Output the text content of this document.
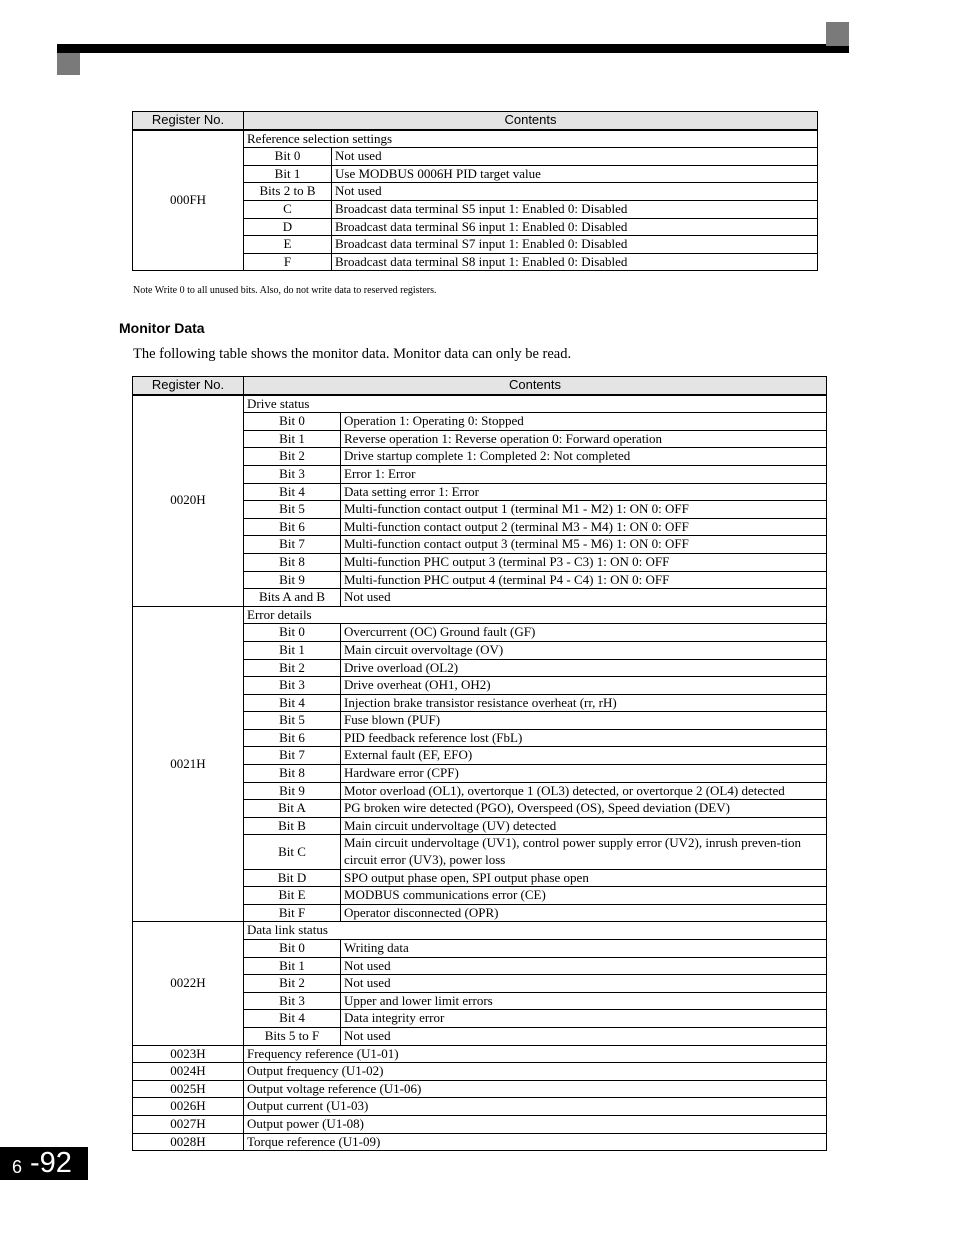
Register No.	Contents	
000FH	Reference selection settings	
	Bit 0	Not used
	Bit 1	Use MODBUS 0006H PID target value
	Bits 2 to B	Not used
	C	Broadcast data terminal S5 input 1: Enabled 0: Disabled
	D	Broadcast data terminal S6 input 1: Enabled 0: Disabled
	E	Broadcast data terminal S7 input 1: Enabled 0: Disabled
	F	Broadcast data terminal S8 input 1: Enabled 0: Disabled
Note Write 0 to all unused bits. Also, do not write data to reserved registers.
Monitor Data
The following table shows the monitor data. Monitor data can only be read.
Register No.	Contents	
0020H	Drive status	
	Bit 0	Operation 1: Operating 0: Stopped
	Bit 1	Reverse operation 1: Reverse operation 0: Forward operation
	Bit 2	Drive startup complete 1: Completed 2: Not completed
	Bit 3	Error 1: Error
	Bit 4	Data setting error 1: Error
	Bit 5	Multi-function contact output 1 (terminal M1 - M2) 1: ON 0: OFF
	Bit 6	Multi-function contact output 2 (terminal M3 - M4) 1: ON 0: OFF
	Bit 7	Multi-function contact output 3 (terminal M5 - M6) 1: ON 0: OFF
	Bit 8	Multi-function PHC output 3 (terminal P3 - C3) 1: ON 0: OFF
	Bit 9	Multi-function PHC output 4 (terminal P4 - C4) 1: ON 0: OFF
	Bits A and B	Not used
0021H	Error details	
	Bit 0	Overcurrent (OC) Ground fault (GF)
	Bit 1	Main circuit overvoltage (OV)
	Bit 2	Drive overload (OL2)
	Bit 3	Drive overheat (OH1, OH2)
	Bit 4	Injection brake transistor resistance overheat (rr, rH)
	Bit 5	Fuse blown (PUF)
	Bit 6	PID feedback reference lost (FbL)
	Bit 7	External fault (EF, EFO)
	Bit 8	Hardware error (CPF)
	Bit 9	Motor overload (OL1), overtorque 1 (OL3) detected, or overtorque 2 (OL4) detected
	Bit A	PG broken wire detected (PGO), Overspeed (OS), Speed deviation (DEV)
	Bit B	Main circuit undervoltage (UV) detected
	Bit C	Main circuit undervoltage (UV1), control power supply error (UV2), inrush preven-tion circuit error (UV3), power loss
	Bit D	SPO output phase open, SPI output phase open
	Bit E	MODBUS communications error (CE)
	Bit F	Operator disconnected (OPR)
0022H	Data link status	
	Bit 0	Writing data
	Bit 1	Not used
	Bit 2	Not used
	Bit 3	Upper and lower limit errors
	Bit 4	Data integrity error
	Bits 5 to F	Not used
0023H	Frequency reference (U1-01)	
0024H	Output frequency (U1-02)	
0025H	Output voltage reference (U1-06)	
0026H	Output current (U1-03)	
0027H	Output power (U1-08)	
0028H	Torque reference (U1-09)	
6 -92
